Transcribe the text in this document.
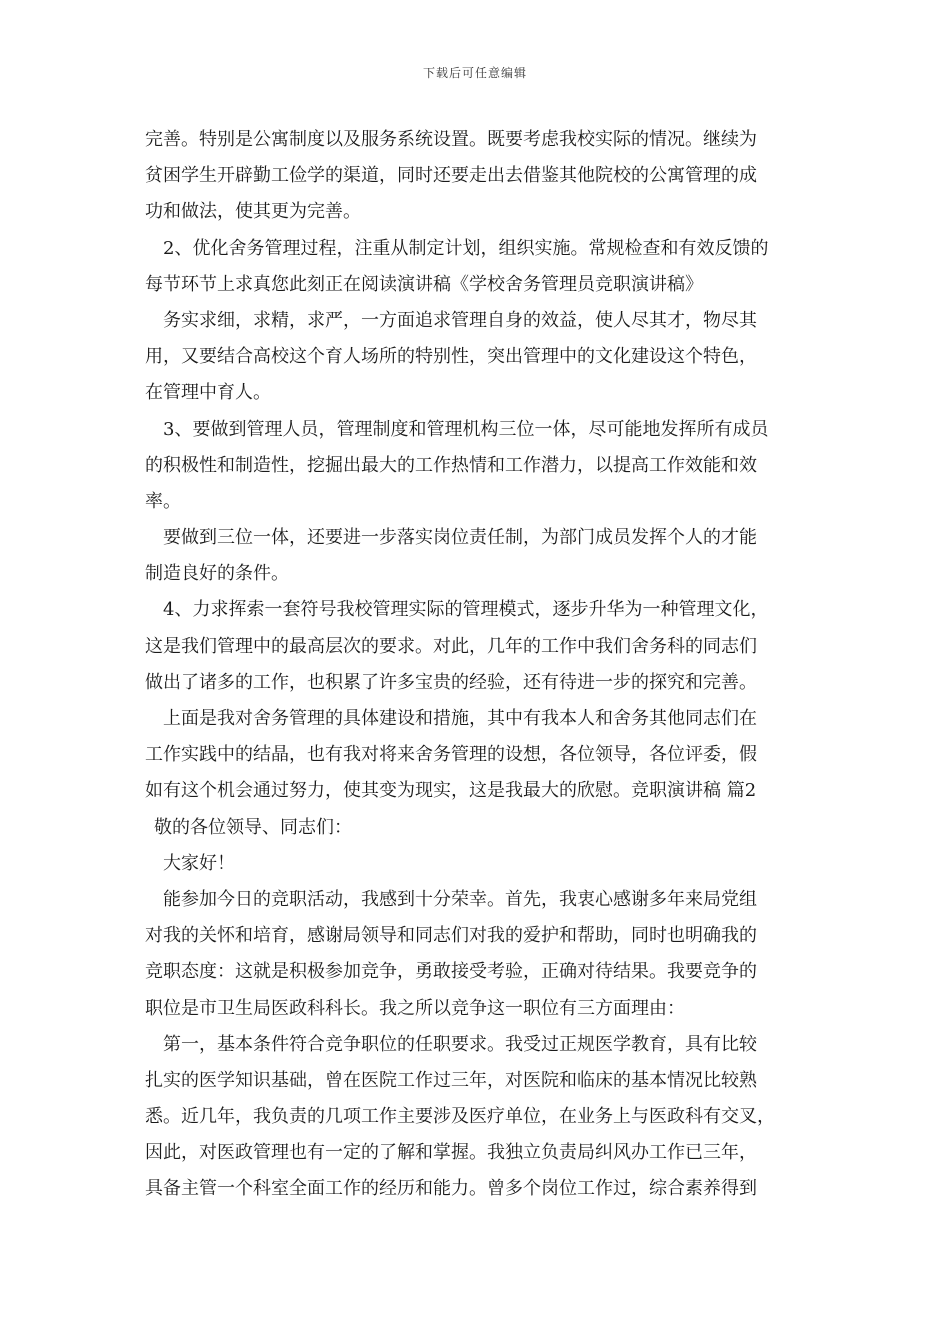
下载后可任意编辑
完善。特别是公寓制度以及服务系统设置。既要考虑我校实际的情况。继续为
贫困学生开辟勤工俭学的渠道，同时还要走出去借鉴其他院校的公寓管理的成
功和做法，使其更为完善。
2、优化舍务管理过程，注重从制定计划，组织实施。常规检查和有效反馈的
每节环节上求真您此刻正在阅读演讲稿《学校舍务管理员竞职演讲稿》
务实求细，求精，求严，一方面追求管理自身的效益，使人尽其才，物尽其
用，又要结合高校这个育人场所的特别性，突出管理中的文化建设这个特色，
在管理中育人。
3、要做到管理人员，管理制度和管理机构三位一体，尽可能地发挥所有成员
的积极性和制造性，挖掘出最大的工作热情和工作潜力，以提高工作效能和效
率。
要做到三位一体，还要进一步落实岗位责任制，为部门成员发挥个人的才能
制造良好的条件。
4、力求挥索一套符号我校管理实际的管理模式，逐步升华为一种管理文化，
这是我们管理中的最高层次的要求。对此，几年的工作中我们舍务科的同志们
做出了诸多的工作，也积累了许多宝贵的经验，还有待进一步的探究和完善。
上面是我对舍务管理的具体建设和措施，其中有我本人和舍务其他同志们在
工作实践中的结晶，也有我对将来舍务管理的设想，各位领导，各位评委，假
如有这个机会通过努力，使其变为现实，这是我最大的欣慰。竞职演讲稿 篇2
敬的各位领导、同志们：
大家好！
能参加今日的竞职活动，我感到十分荣幸。首先，我衷心感谢多年来局党组
对我的关怀和培育，感谢局领导和同志们对我的爱护和帮助，同时也明确我的
竞职态度：这就是积极参加竞争，勇敢接受考验，正确对待结果。我要竞争的
职位是市卫生局医政科科长。我之所以竞争这一职位有三方面理由：
第一，基本条件符合竞争职位的任职要求。我受过正规医学教育，具有比较
扎实的医学知识基础，曾在医院工作过三年，对医院和临床的基本情况比较熟
悉。近几年，我负责的几项工作主要涉及医疗单位，在业务上与医政科有交叉，
因此，对医政管理也有一定的了解和掌握。我独立负责局纠风办工作已三年，
具备主管一个科室全面工作的经历和能力。曾多个岗位工作过，综合素养得到
